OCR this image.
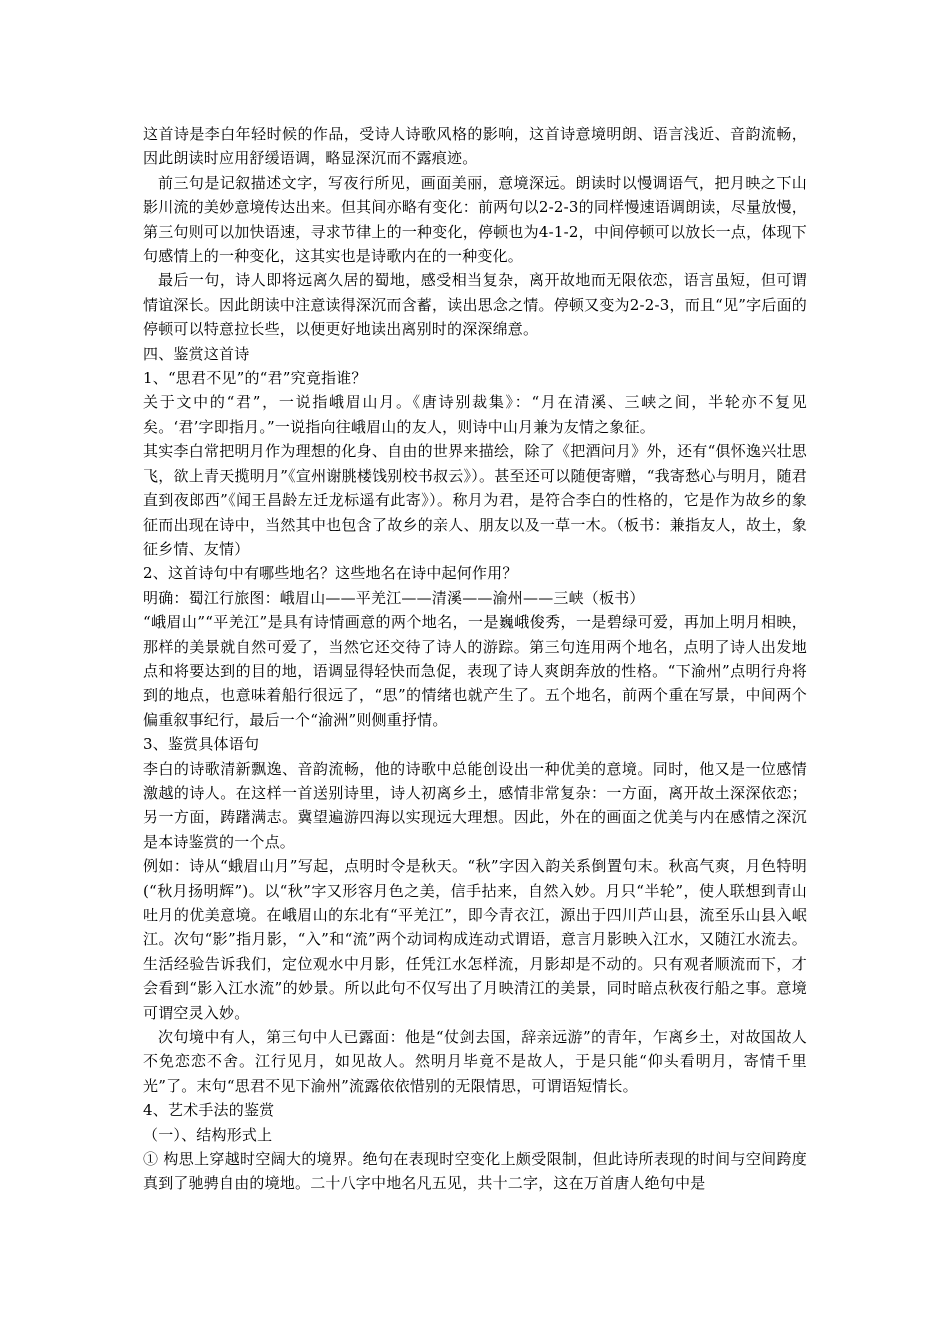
这首诗是李白年轻时候的作品，受诗人诗歌风格的影响，这首诗意境明朗、语言浅近、音韵流畅，因此朗读时应用舒缓语调，略显深沉而不露痕迹。

前三句是记叙描述文字，写夜行所见，画面美丽，意境深远。朗读时以慢调语气，把月映之下山影川流的美妙意境传达出来。但其间亦略有变化：前两句以2-2-3的同样慢速语调朗读，尽量放慢，第三句则可以加快语速，寻求节律上的一种变化，停顿也为4-1-2，中间停顿可以放长一点，体现下句感情上的一种变化，这其实也是诗歌内在的一种变化。

最后一句，诗人即将远离久居的蜀地，感受相当复杂，离开故地而无限依恋，语言虽短，但可谓情谊深长。因此朗读中注意读得深沉而含蓄，读出思念之情。停顿又变为2-2-3，而且“见”字后面的停顿可以特意拉长些，以便更好地读出离别时的深深绵意。

四、鉴赏这首诗

1、“思君不见”的“君”究竟指谁？

关于文中的“君”，一说指峨眉山月。《唐诗别裁集》：“月在清溪、三峡之间，半轮亦不复见矣。‘君’字即指月。”一说指向往峨眉山的友人，则诗中山月兼为友情之象征。

其实李白常把明月作为理想的化身、自由的世界来描绘，除了《把酒问月》外，还有“俱怀逸兴壮思飞，欲上青天揽明月”《宣州谢朓楼饯别校书叔云》）。甚至还可以随便寄赠，“我寄愁心与明月，随君直到夜郎西”《闻王昌龄左迁龙标遥有此寄》）。称月为君，是符合李白的性格的，它是作为故乡的象征而出现在诗中，当然其中也包含了故乡的亲人、朋友以及一草一木。（板书：兼指友人，故土，象征乡情、友情）

2、这首诗句中有哪些地名？这些地名在诗中起何作用？

明确：蜀江行旅图：峨眉山——平羌江——清溪——渝州——三峡（板书）

“峨眉山”“平羌江”是具有诗情画意的两个地名，一是巍峨俊秀，一是碧绿可爱，再加上明月相映，那样的美景就自然可爱了，当然它还交待了诗人的游踪。第三句连用两个地名，点明了诗人出发地点和将要达到的目的地，语调显得轻快而急促，表现了诗人爽朗奔放的性格。“下渝州”点明行舟将到的地点，也意味着船行很远了，“思”的情绪也就产生了。五个地名，前两个重在写景，中间两个偏重叙事纪行，最后一个“渝洲”则侧重抒情。

3、鉴赏具体语句

李白的诗歌清新飘逸、音韵流畅，他的诗歌中总能创设出一种优美的意境。同时，他又是一位感情激越的诗人。在这样一首送别诗里，诗人初离乡土，感情非常复杂：一方面，离开故土深深依恋；另一方面，踌躇满志。冀望遍游四海以实现远大理想。因此，外在的画面之优美与内在感情之深沉是本诗鉴赏的一个点。

例如：诗从“蛾眉山月”写起，点明时令是秋天。“秋”字因入韵关系倒置句末。秋高气爽，月色特明(“秋月扬明辉”)。以“秋”字又形容月色之美，信手拈来，自然入妙。月只“半轮”，使人联想到青山吐月的优美意境。在峨眉山的东北有“平羌江”，即今青衣江，源出于四川芦山县，流至乐山县入岷江。次句“影”指月影，“入”和“流”两个动词构成连动式谓语，意言月影映入江水，又随江水流去。生活经验告诉我们，定位观水中月影，任凭江水怎样流，月影却是不动的。只有观者顺流而下，才会看到“影入江水流”的妙景。所以此句不仅写出了月映清江的美景，同时暗点秋夜行船之事。意境可谓空灵入妙。

次句境中有人，第三句中人已露面：他是“仗剑去国，辞亲远游”的青年，乍离乡土，对故国故人不免恋恋不舍。江行见月，如见故人。然明月毕竟不是故人，于是只能“仰头看明月，寄情千里光”了。末句“思君不见下渝州”流露依依惜别的无限情思，可谓语短情长。

4、艺术手法的鉴赏

（一）、结构形式上

① 构思上穿越时空阔大的境界。绝句在表现时空变化上颇受限制，但此诗所表现的时间与空间跨度真到了驰骋自由的境地。二十八字中地名凡五见，共十二字，这在万首唐人绝句中是
